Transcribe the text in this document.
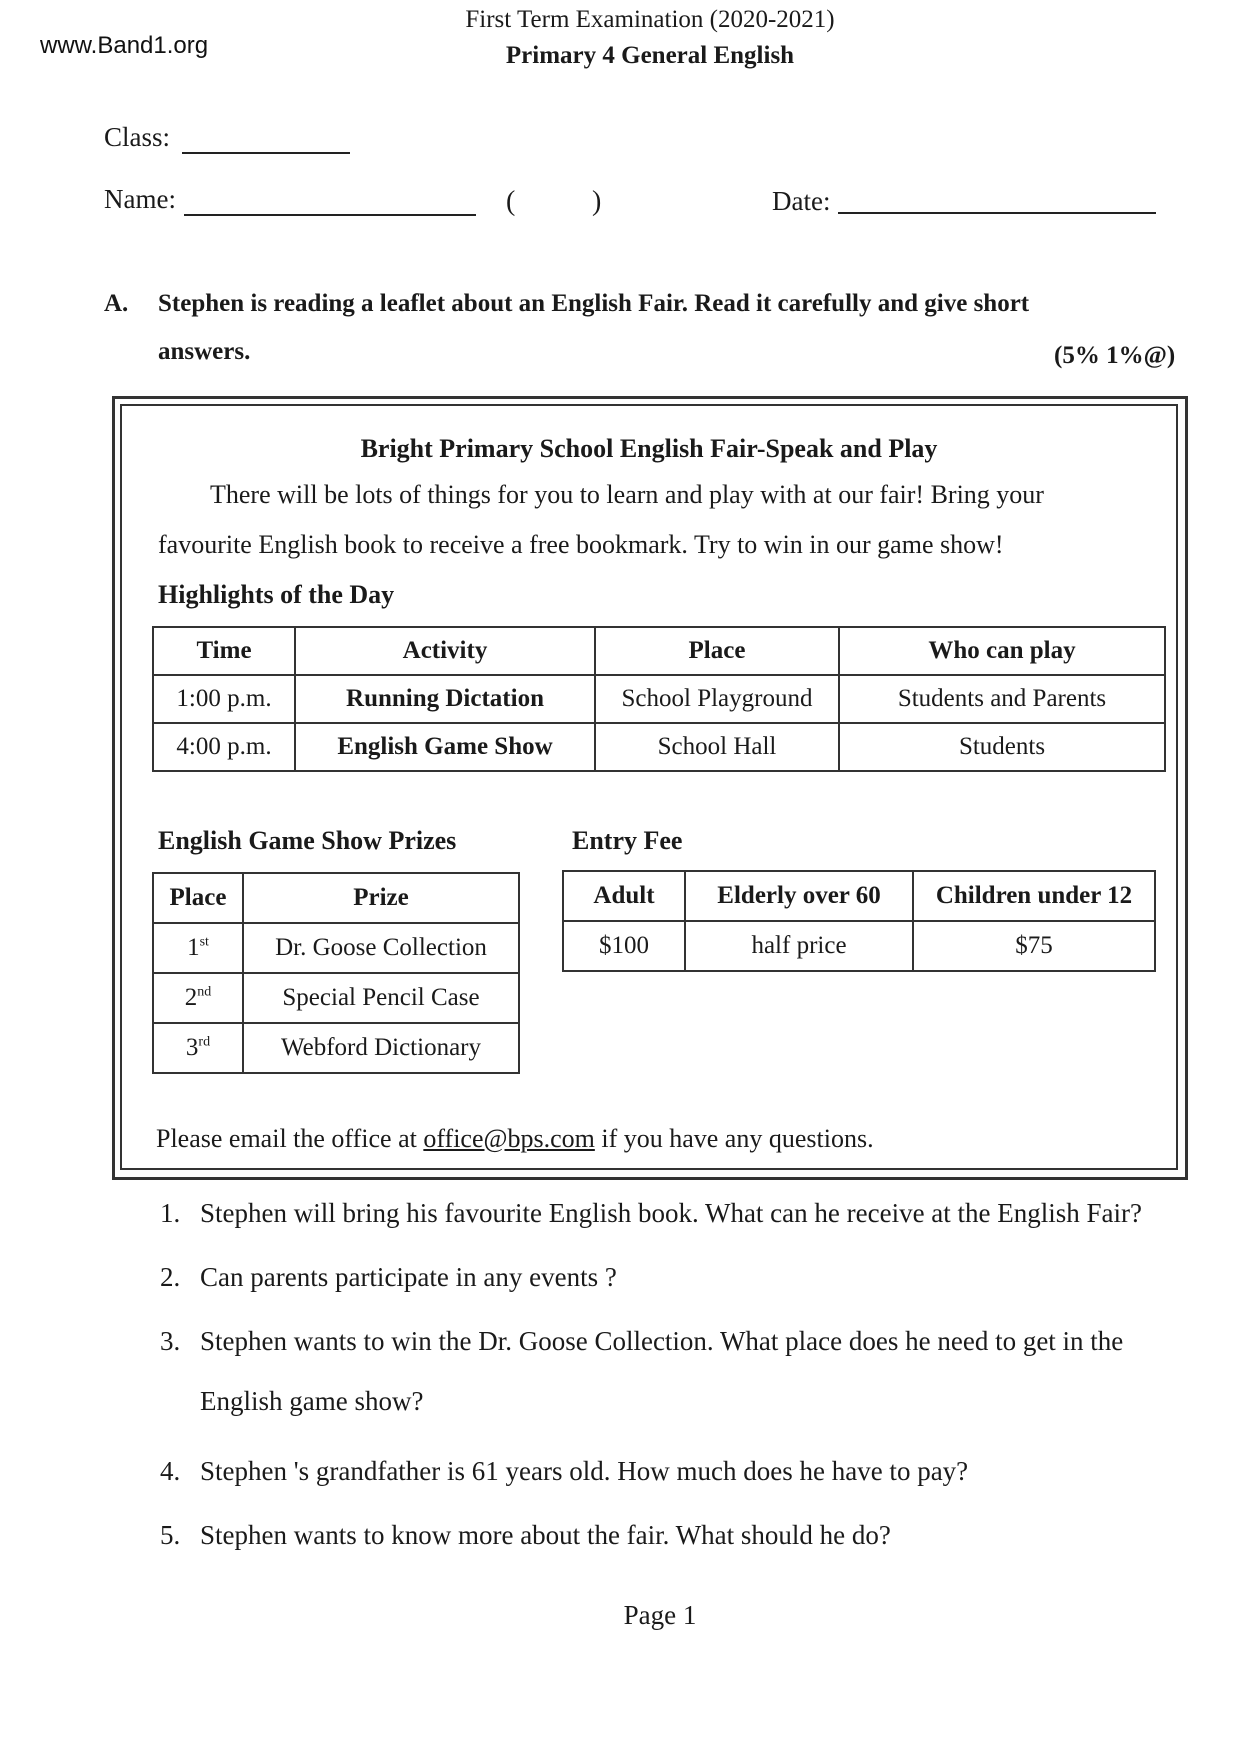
www.Band1.org
First Term Examination (2020-2021)
Primary 4 General English
Class:
Name:	(	)	Date:
A. Stephen is reading a leaflet about an English Fair. Read it carefully and give short
answers.	(5% 1%@)
Bright Primary School English Fair-Speak and Play
There will be lots of things for you to learn and play with at our fair! Bring your
favourite English book to receive a free bookmark. Try to win in our game show!
Highlights of the Day
Time	Activity	Place	Who can play
1:00 p.m.	Running Dictation	School Playground	Students and Parents
4:00 p.m.	English Game Show	School Hall	Students
English Game Show Prizes
Place	Prize
1st	Dr. Goose Collection
2nd	Special Pencil Case
3rd	Webford Dictionary
Entry Fee
Adult	Elderly over 60	Children under 12
$100	half price	$75
Please email the office at office@bps.com if you have any questions.
1. Stephen will bring his favourite English book. What can he receive at the English Fair?
2. Can parents participate in any events ?
3. Stephen wants to win the Dr. Goose Collection. What place does he need to get in the
English game show?
4. Stephen 's grandfather is 61 years old. How much does he have to pay?
5. Stephen wants to know more about the fair. What should he do?
Page 1
